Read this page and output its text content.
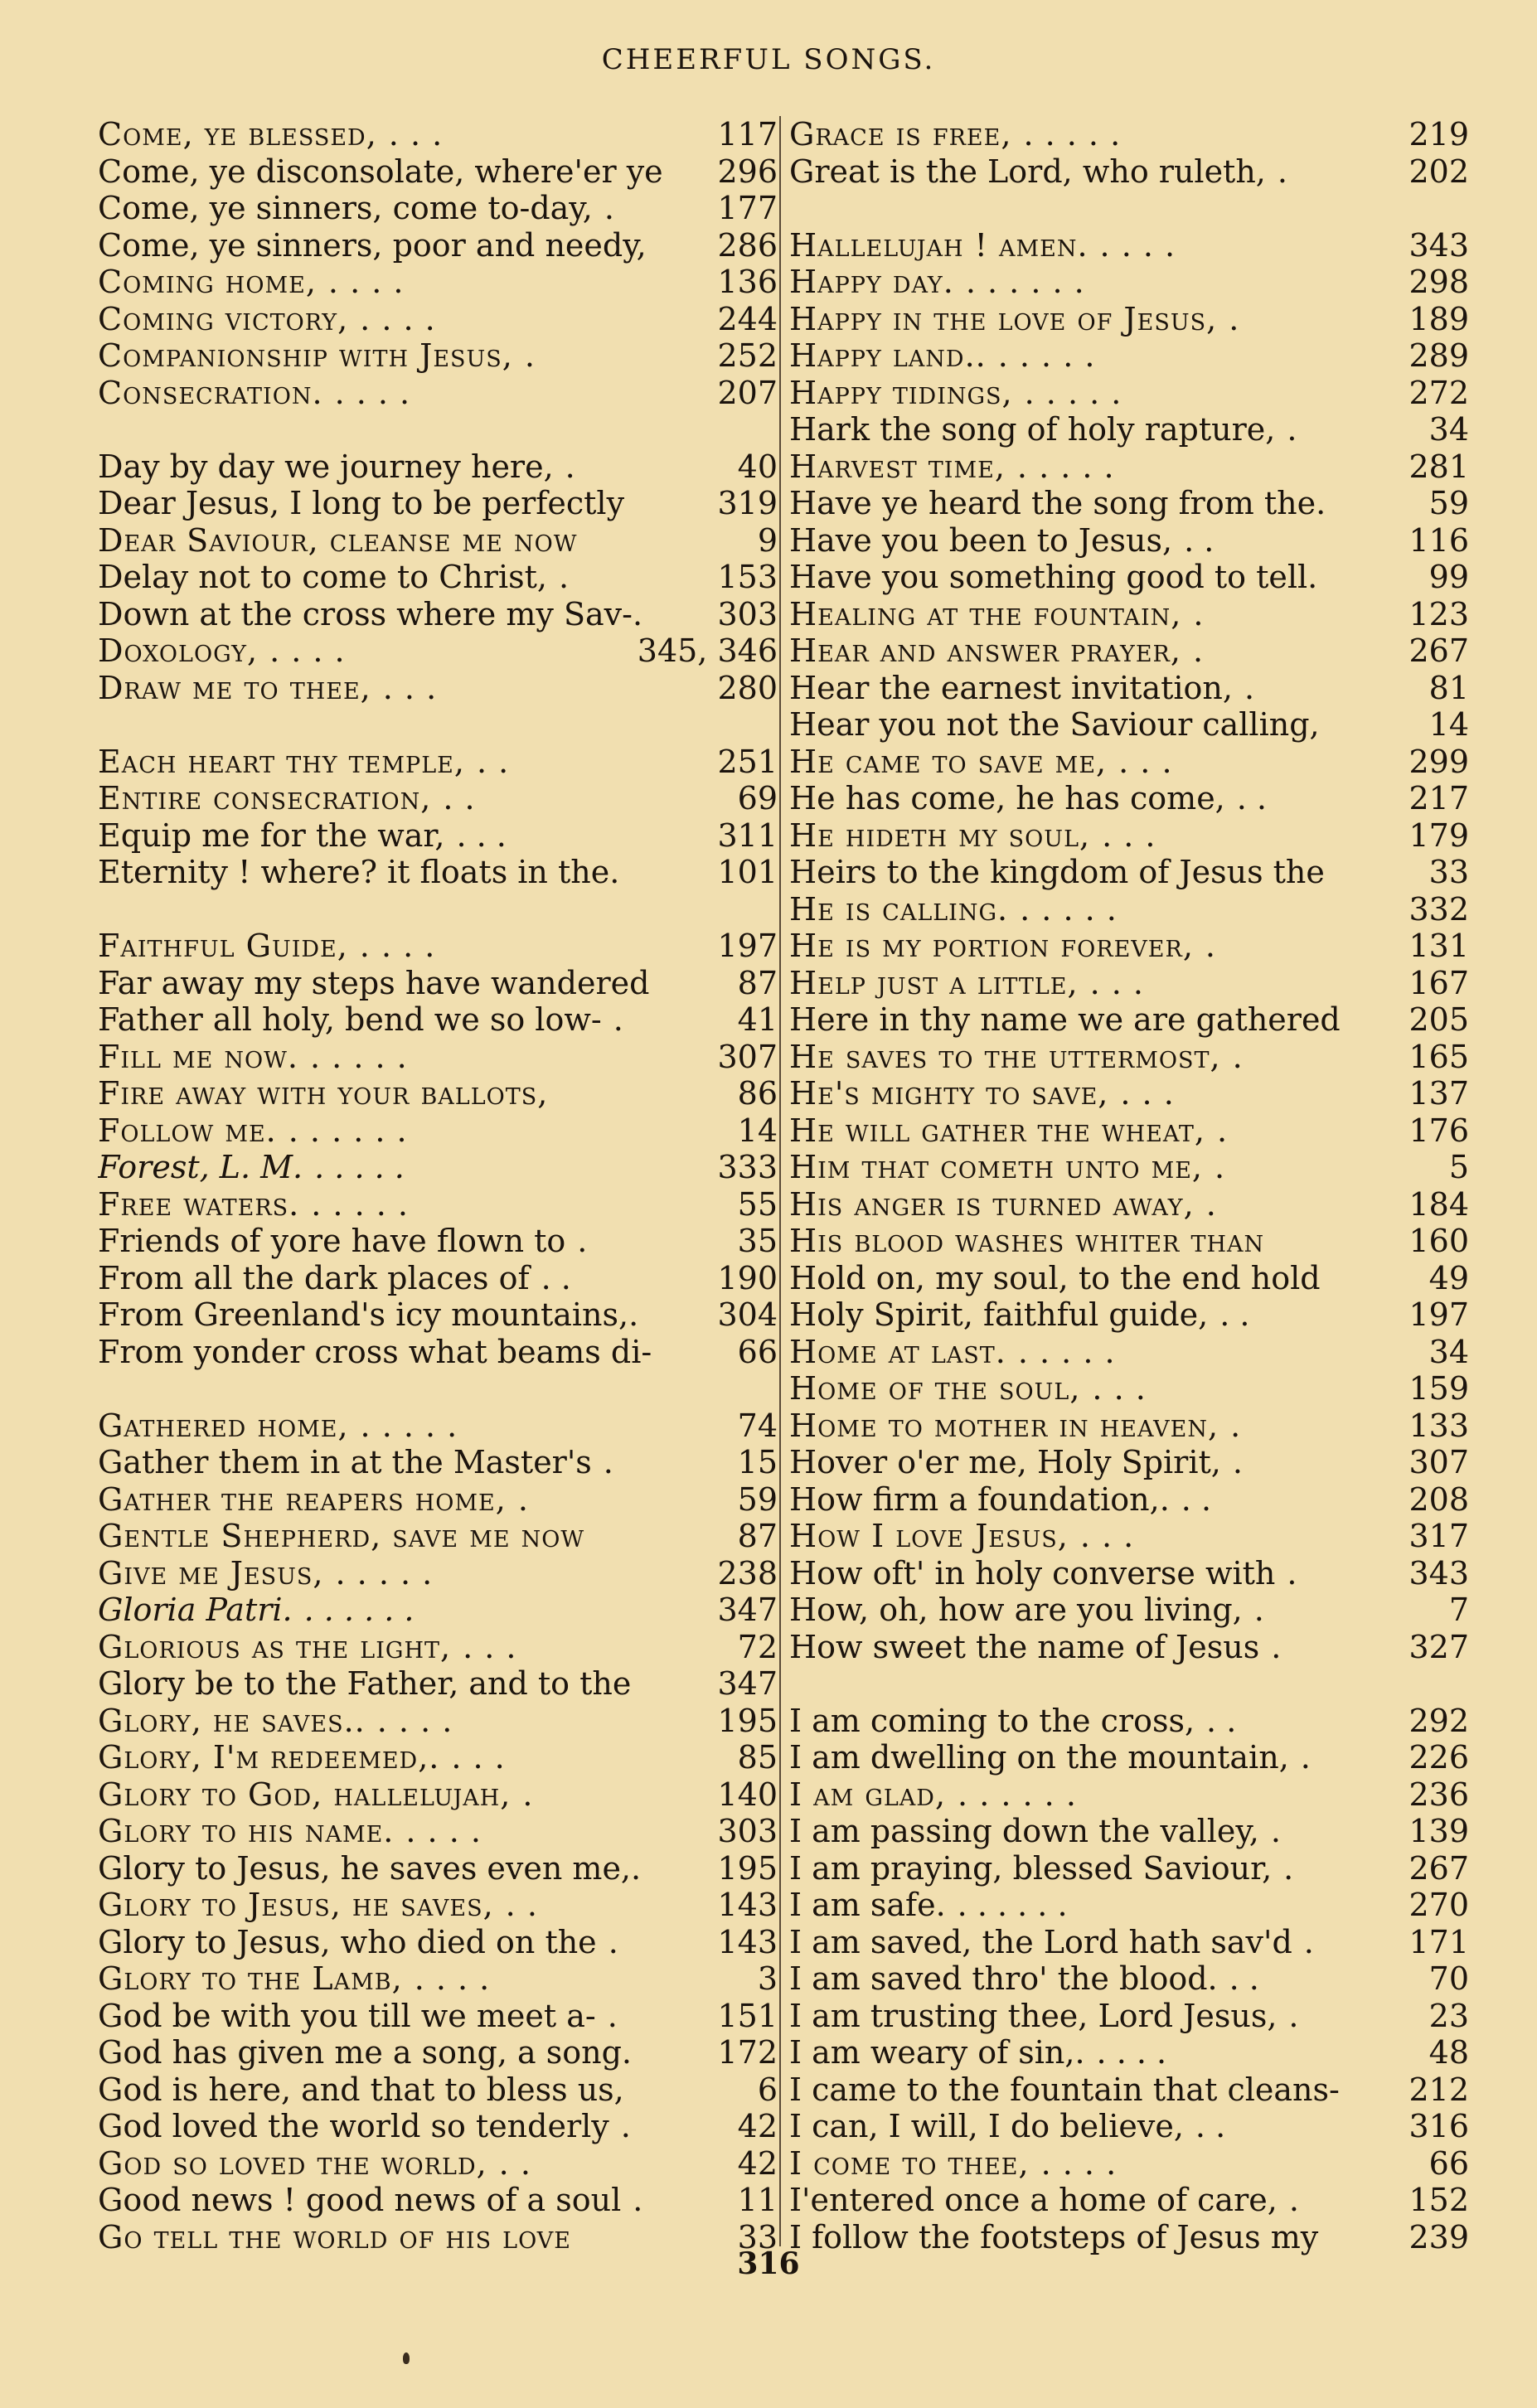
CHEERFUL SONGS.
Come, ye blessed, . . .	117
Come, ye disconsolate, where'er ye	296
Come, ye sinners, come to-day, .	177
Come, ye sinners, poor and needy,	286
Coming home, . . . .	136
Coming victory, . . . .	244
Companionship with Jesus, .	252
Consecration. . . . .	207
Day by day we journey here, .	40
Dear Jesus, I long to be perfectly	319
Dear Saviour, cleanse me now	9
Delay not to come to Christ, .	153
Down at the cross where my Sav-.	303
Doxology, . . . .	345, 346
Draw me to thee, . . .	280
Each heart thy temple, . .	251
Entire consecration, . .	69
Equip me for the war, . . .	311
Eternity ! where? it floats in the.	101
Faithful Guide, . . . .	197
Far away my steps have wandered	87
Father all holy, bend we so low- .	41
Fill me now. . . . . .	307
Fire away with your ballots,	86
Follow me. . . . . . .	14
Forest, L. M. . . . . .	333
Free waters. . . . . .	55
Friends of yore have flown to .	35
From all the dark places of . .	190
From Greenland's icy mountains,.	304
From yonder cross what beams di-	66
Gathered home, . . . . .	74
Gather them in at the Master's .	15
Gather the reapers home, .	59
Gentle Shepherd, save me now	87
Give me Jesus, . . . . .	238
Gloria Patri. . . . . . .	347
Glorious as the light, . . .	72
Glory be to the Father, and to the	347
Glory, he saves.. . . . .	195
Glory, I'm redeemed,. . . .	85
Glory to God, hallelujah, .	140
Glory to his name. . . . .	303
Glory to Jesus, he saves even me,.	195
Glory to Jesus, he saves, . .	143
Glory to Jesus, who died on the .	143
Glory to the Lamb, . . . .	3
God be with you till we meet a- .	151
God has given me a song, a song.	172
God is here, and that to bless us,	6
God loved the world so tenderly .	42
God so loved the world, . .	42
Good news ! good news of a soul .	11
Go tell the world of his love	33
Grace is free, . . . . .	219
Great is the Lord, who ruleth, .	202
Hallelujah ! amen. . . . .	343
Happy day. . . . . . .	298
Happy in the love of Jesus, .	189
Happy land.. . . . . .	289
Happy tidings, . . . . .	272
Hark the song of holy rapture, .	34
Harvest time, . . . . .	281
Have ye heard the song from the.	59
Have you been to Jesus, . .	116
Have you something good to tell.	99
Healing at the fountain, .	123
Hear and answer prayer, .	267
Hear the earnest invitation, .	81
Hear you not the Saviour calling,	14
He came to save me, . . .	299
He has come, he has come, . .	217
He hideth my soul, . . .	179
Heirs to the kingdom of Jesus the	33
He is calling. . . . . .	332
He is my portion forever, .	131
Help just a little, . . .	167
Here in thy name we are gathered	205
He saves to the uttermost, .	165
He's mighty to save, . . .	137
He will gather the wheat, .	176
Him that cometh unto me, .	5
His anger is turned away, .	184
His blood washes whiter than	160
Hold on, my soul, to the end hold	49
Holy Spirit, faithful guide, . .	197
Home at last. . . . . .	34
Home of the soul, . . .	159
Home to mother in heaven, .	133
Hover o'er me, Holy Spirit, .	307
How firm a foundation,. . .	208
How I love Jesus, . . .	317
How oft' in holy converse with .	343
How, oh, how are you living, .	7
How sweet the name of Jesus .	327
I am coming to the cross, . .	292
I am dwelling on the mountain, .	226
I am glad, . . . . . .	236
I am passing down the valley, .	139
I am praying, blessed Saviour, .	267
I am safe. . . . . . .	270
I am saved, the Lord hath sav'd .	171
I am saved thro' the blood. . .	70
I am trusting thee, Lord Jesus, .	23
I am weary of sin,. . . . .	48
I came to the fountain that cleans-	212
I can, I will, I do believe, . .	316
I come to thee, . . . .	66
I'entered once a home of care, .	152
I follow the footsteps of Jesus my	239
316
